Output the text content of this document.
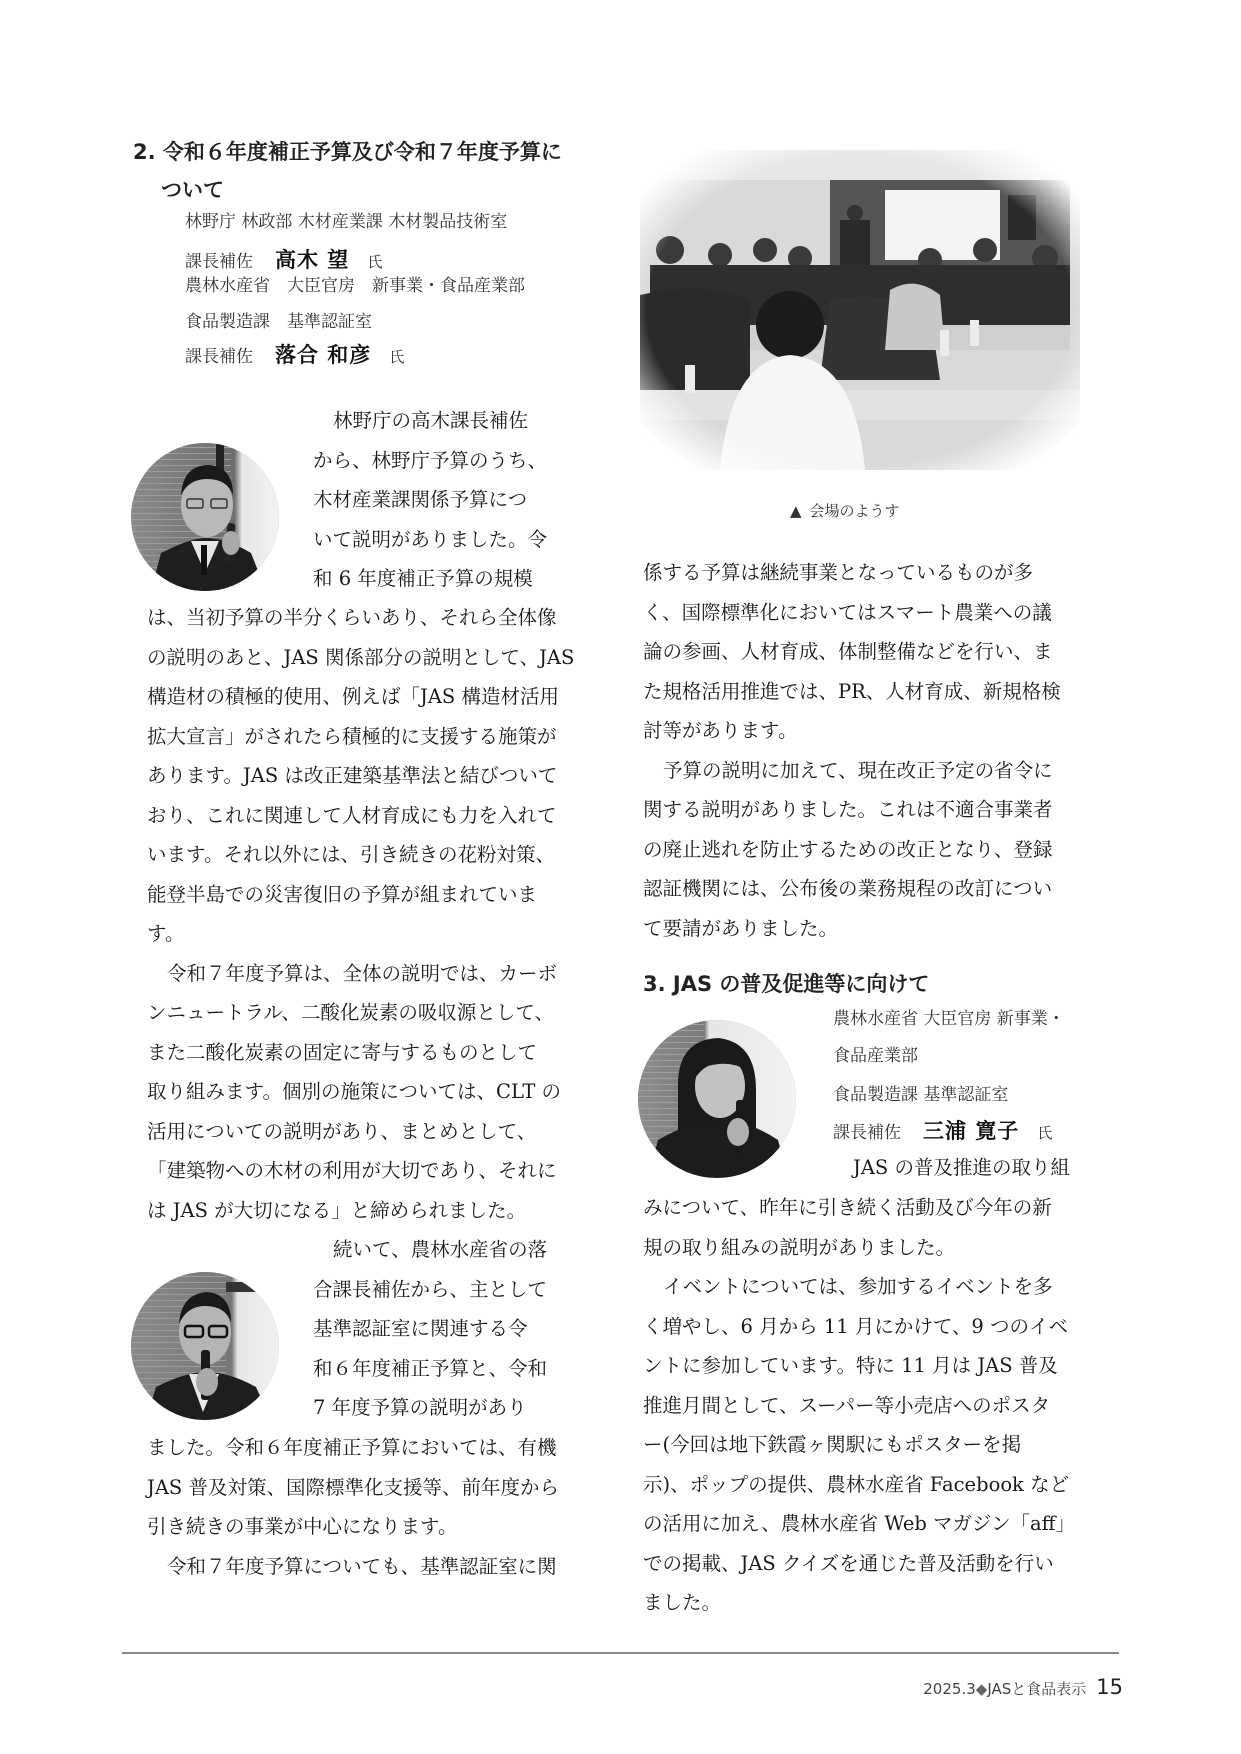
2. 令和６年度補正予算及び令和７年度予算に
ついて
林野庁 林政部 木材産業課 木材製品技術室
課長補佐 高木 望 氏
農林水産省　大臣官房　新事業・食品産業部
食品製造課　基準認証室
課長補佐 落合 和彦 氏
林野庁の高木課長補佐
から、林野庁予算のうち、
木材産業課関係予算につ
いて説明がありました。令
和 6 年度補正予算の規模
は、当初予算の半分くらいあり、それら全体像
の説明のあと、JAS 関係部分の説明として、JAS
構造材の積極的使用、例えば「JAS 構造材活用
拡大宣言」がされたら積極的に支援する施策が
あります。JAS は改正建築基準法と結びついて
おり、これに関連して人材育成にも力を入れて
います。それ以外には、引き続きの花粉対策、
能登半島での災害復旧の予算が組まれていま
す。
令和７年度予算は、全体の説明では、カーボ
ンニュートラル、二酸化炭素の吸収源として、
また二酸化炭素の固定に寄与するものとして
取り組みます。個別の施策については、CLT の
活用についての説明があり、まとめとして、
「建築物への木材の利用が大切であり、それに
は JAS が大切になる」と締められました。
続いて、農林水産省の落
合課長補佐から、主として
基準認証室に関連する令
和６年度補正予算と、令和
7 年度予算の説明があり
ました。令和６年度補正予算においては、有機
JAS 普及対策、国際標準化支援等、前年度から
引き続きの事業が中心になります。
令和７年度予算についても、基準認証室に関
▲ 会場のようす
係する予算は継続事業となっているものが多
く、国際標準化においてはスマート農業への議
論の参画、人材育成、体制整備などを行い、ま
た規格活用推進では、PR、人材育成、新規格検
討等があります。
予算の説明に加えて、現在改正予定の省令に
関する説明がありました。これは不適合事業者
の廃止逃れを防止するための改正となり、登録
認証機関には、公布後の業務規程の改訂につい
て要請がありました。
3. JAS の普及促進等に向けて
農林水産省 大臣官房 新事業・
食品産業部
食品製造課 基準認証室
課長補佐 三浦 寛子 氏
JAS の普及推進の取り組
みについて、昨年に引き続く活動及び今年の新
規の取り組みの説明がありました。
イベントについては、参加するイベントを多
く増やし、6 月から 11 月にかけて、9 つのイベ
ントに参加しています。特に 11 月は JAS 普及
推進月間として、スーパー等小売店へのポスタ
ー(今回は地下鉄霞ヶ関駅にもポスターを掲
示)、ポップの提供、農林水産省 Facebook など
の活用に加え、農林水産省 Web マガジン「aff」
での掲載、JAS クイズを通じた普及活動を行い
ました。
2025.3◆JASと食品表示 15
